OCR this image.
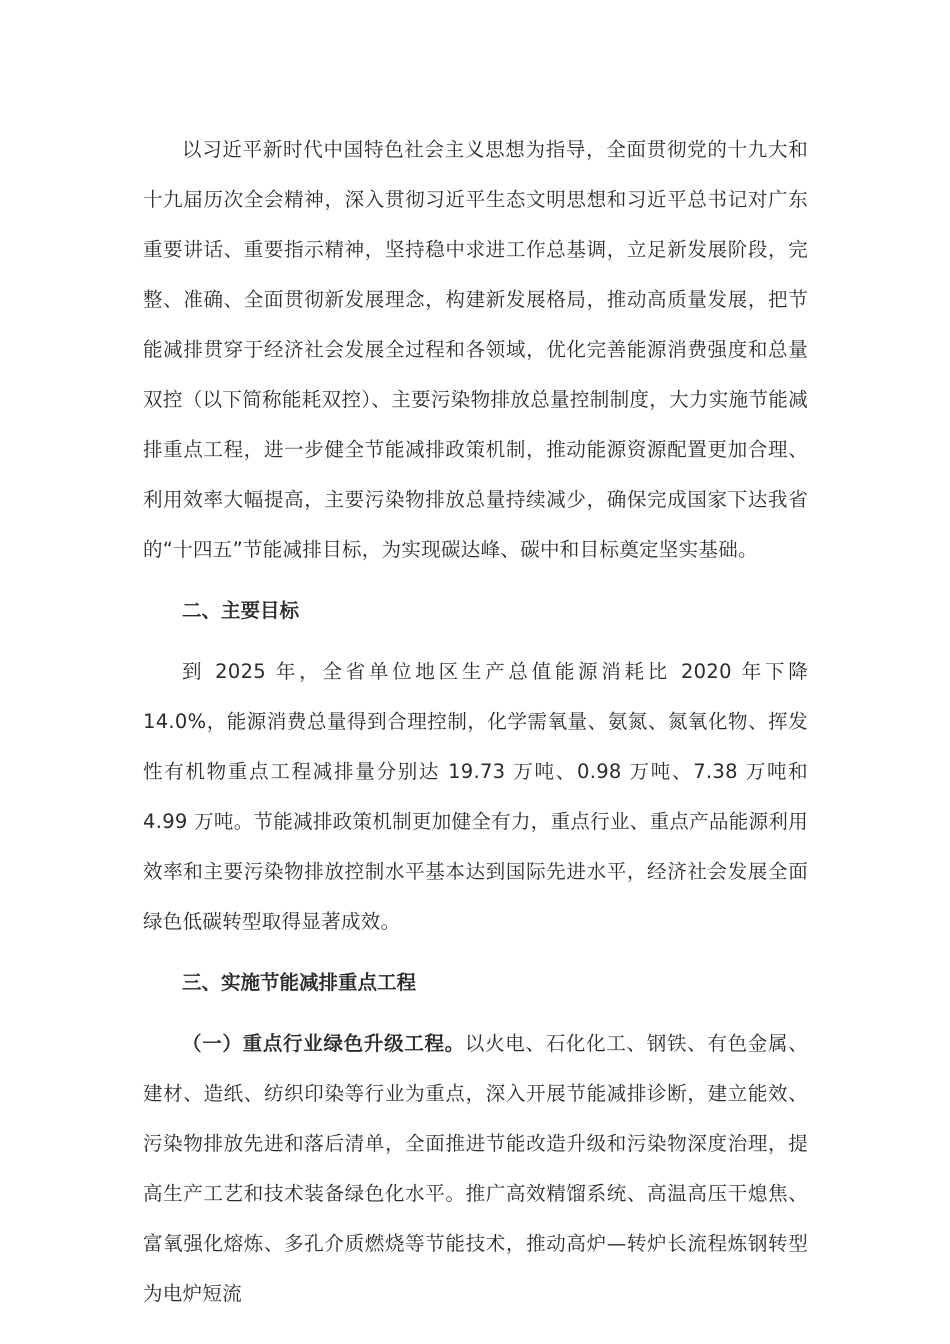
以习近平新时代中国特色社会主义思想为指导，全面贯彻党的十九大和十九届历次全会精神，深入贯彻习近平生态文明思想和习近平总书记对广东重要讲话、重要指示精神，坚持稳中求进工作总基调，立足新发展阶段，完整、准确、全面贯彻新发展理念，构建新发展格局，推动高质量发展，把节能减排贯穿于经济社会发展全过程和各领域，优化完善能源消费强度和总量双控（以下简称能耗双控）、主要污染物排放总量控制制度，大力实施节能减排重点工程，进一步健全节能减排政策机制，推动能源资源配置更加合理、利用效率大幅提高，主要污染物排放总量持续减少，确保完成国家下达我省的“十四五”节能减排目标，为实现碳达峰、碳中和目标奠定坚实基础。

二、主要目标

到 2025 年，全省单位地区生产总值能源消耗比 2020 年下降 14.0%，能源消费总量得到合理控制，化学需氧量、氨氮、氮氧化物、挥发性有机物重点工程减排量分别达 19.73 万吨、0.98 万吨、7.38 万吨和 4.99 万吨。节能减排政策机制更加健全有力，重点行业、重点产品能源利用效率和主要污染物排放控制水平基本达到国际先进水平，经济社会发展全面绿色低碳转型取得显著成效。

三、实施节能减排重点工程

（一）重点行业绿色升级工程。以火电、石化化工、钢铁、有色金属、建材、造纸、纺织印染等行业为重点，深入开展节能减排诊断，建立能效、污染物排放先进和落后清单，全面推进节能改造升级和污染物深度治理，提高生产工艺和技术装备绿色化水平。推广高效精馏系统、高温高压干熄焦、富氧强化熔炼、多孔介质燃烧等节能技术，推动高炉—转炉长流程炼钢转型为电炉短流
